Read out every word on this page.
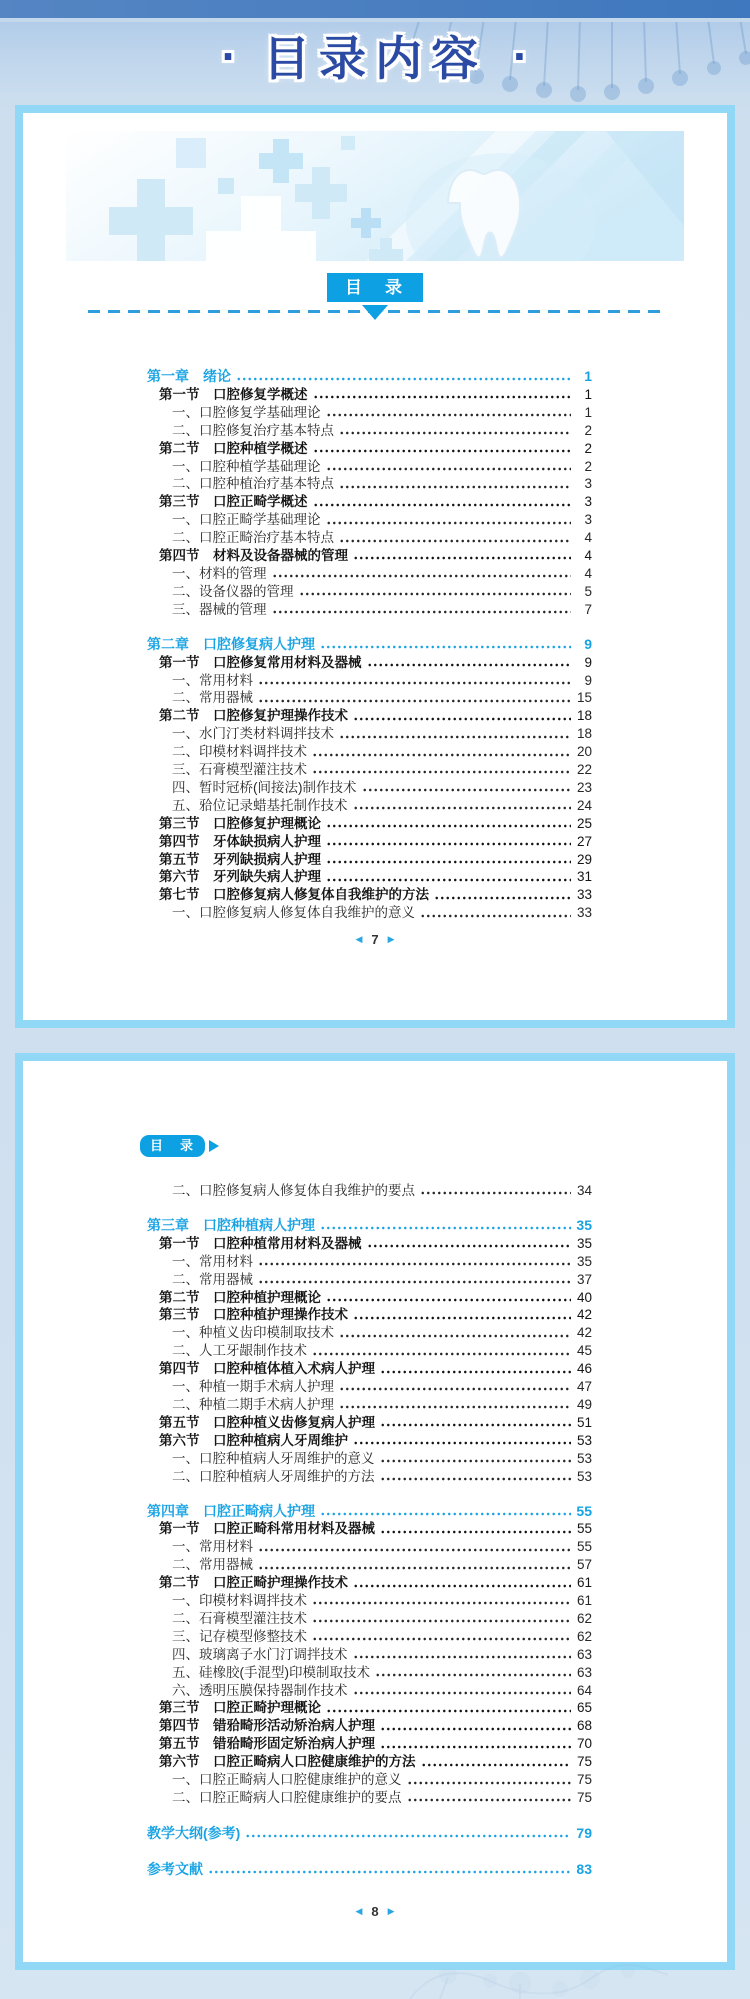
· 目录内容 ·
目　录
第一章　绪论	1
第一节　口腔修复学概述	1
一、口腔修复学基础理论	1
二、口腔修复治疗基本特点	2
第二节　口腔种植学概述	2
一、口腔种植学基础理论	2
二、口腔种植治疗基本特点	3
第三节　口腔正畸学概述	3
一、口腔正畸学基础理论	3
二、口腔正畸治疗基本特点	4
第四节　材料及设备器械的管理	4
一、材料的管理	4
二、设备仪器的管理	5
三、器械的管理	7
第二章　口腔修复病人护理	9
第一节　口腔修复常用材料及器械	9
一、常用材料	9
二、常用器械	15
第二节　口腔修复护理操作技术	18
一、水门汀类材料调拌技术	18
二、印模材料调拌技术	20
三、石膏模型灌注技术	22
四、暂时冠桥(间接法)制作技术	23
五、𬌗位记录蜡基托制作技术	24
第三节　口腔修复护理概论	25
第四节　牙体缺损病人护理	27
第五节　牙列缺损病人护理	29
第六节　牙列缺失病人护理	31
第七节　口腔修复病人修复体自我维护的方法	33
一、口腔修复病人修复体自我维护的意义	33
◀ 7 ▶
目　录
二、口腔修复病人修复体自我维护的要点	34
第三章　口腔种植病人护理	35
第一节　口腔种植常用材料及器械	35
一、常用材料	35
二、常用器械	37
第二节　口腔种植护理概论	40
第三节　口腔种植护理操作技术	42
一、种植义齿印模制取技术	42
二、人工牙龈制作技术	45
第四节　口腔种植体植入术病人护理	46
一、种植一期手术病人护理	47
二、种植二期手术病人护理	49
第五节　口腔种植义齿修复病人护理	51
第六节　口腔种植病人牙周维护	53
一、口腔种植病人牙周维护的意义	53
二、口腔种植病人牙周维护的方法	53
第四章　口腔正畸病人护理	55
第一节　口腔正畸科常用材料及器械	55
一、常用材料	55
二、常用器械	57
第二节　口腔正畸护理操作技术	61
一、印模材料调拌技术	61
二、石膏模型灌注技术	62
三、记存模型修整技术	62
四、玻璃离子水门汀调拌技术	63
五、硅橡胶(手混型)印模制取技术	63
六、透明压膜保持器制作技术	64
第三节　口腔正畸护理概论	65
第四节　错𬌗畸形活动矫治病人护理	68
第五节　错𬌗畸形固定矫治病人护理	70
第六节　口腔正畸病人口腔健康维护的方法	75
一、口腔正畸病人口腔健康维护的意义	75
二、口腔正畸病人口腔健康维护的要点	75
教学大纲(参考)	79
参考文献	83
◀ 8 ▶
